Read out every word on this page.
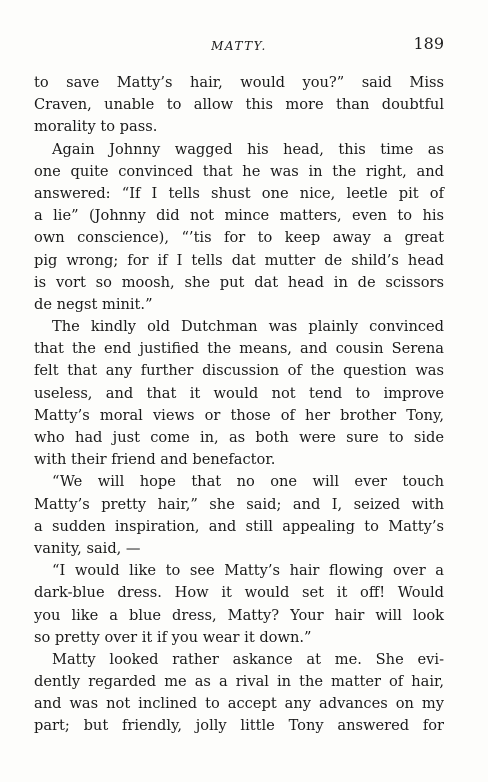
MATTY.	189
to save Matty’s hair, would you?” said Miss
Craven, unable to allow this more than doubtful
morality to pass.
Again Johnny wagged his head, this time as
one quite convinced that he was in the right, and
answered: “If I tells shust one nice, leetle pit of
a lie” (Johnny did not mince matters, even to his
own conscience), “’tis for to keep away a great
pig wrong; for if I tells dat mutter de shild’s head
is vort so moosh, she put dat head in de scissors
de negst minit.”
The kindly old Dutchman was plainly convinced
that the end justified the means, and cousin Serena
felt that any further discussion of the question was
useless, and that it would not tend to improve
Matty’s moral views or those of her brother Tony,
who had just come in, as both were sure to side
with their friend and benefactor.
“We will hope that no one will ever touch
Matty’s pretty hair,” she said; and I, seized with
a sudden inspiration, and still appealing to Matty’s
vanity, said, —
“I would like to see Matty’s hair flowing over a
dark-blue dress. How it would set it off! Would
you like a blue dress, Matty? Your hair will look
so pretty over it if you wear it down.”
Matty looked rather askance at me. She evi-
dently regarded me as a rival in the matter of hair,
and was not inclined to accept any advances on my
part; but friendly, jolly little Tony answered for
